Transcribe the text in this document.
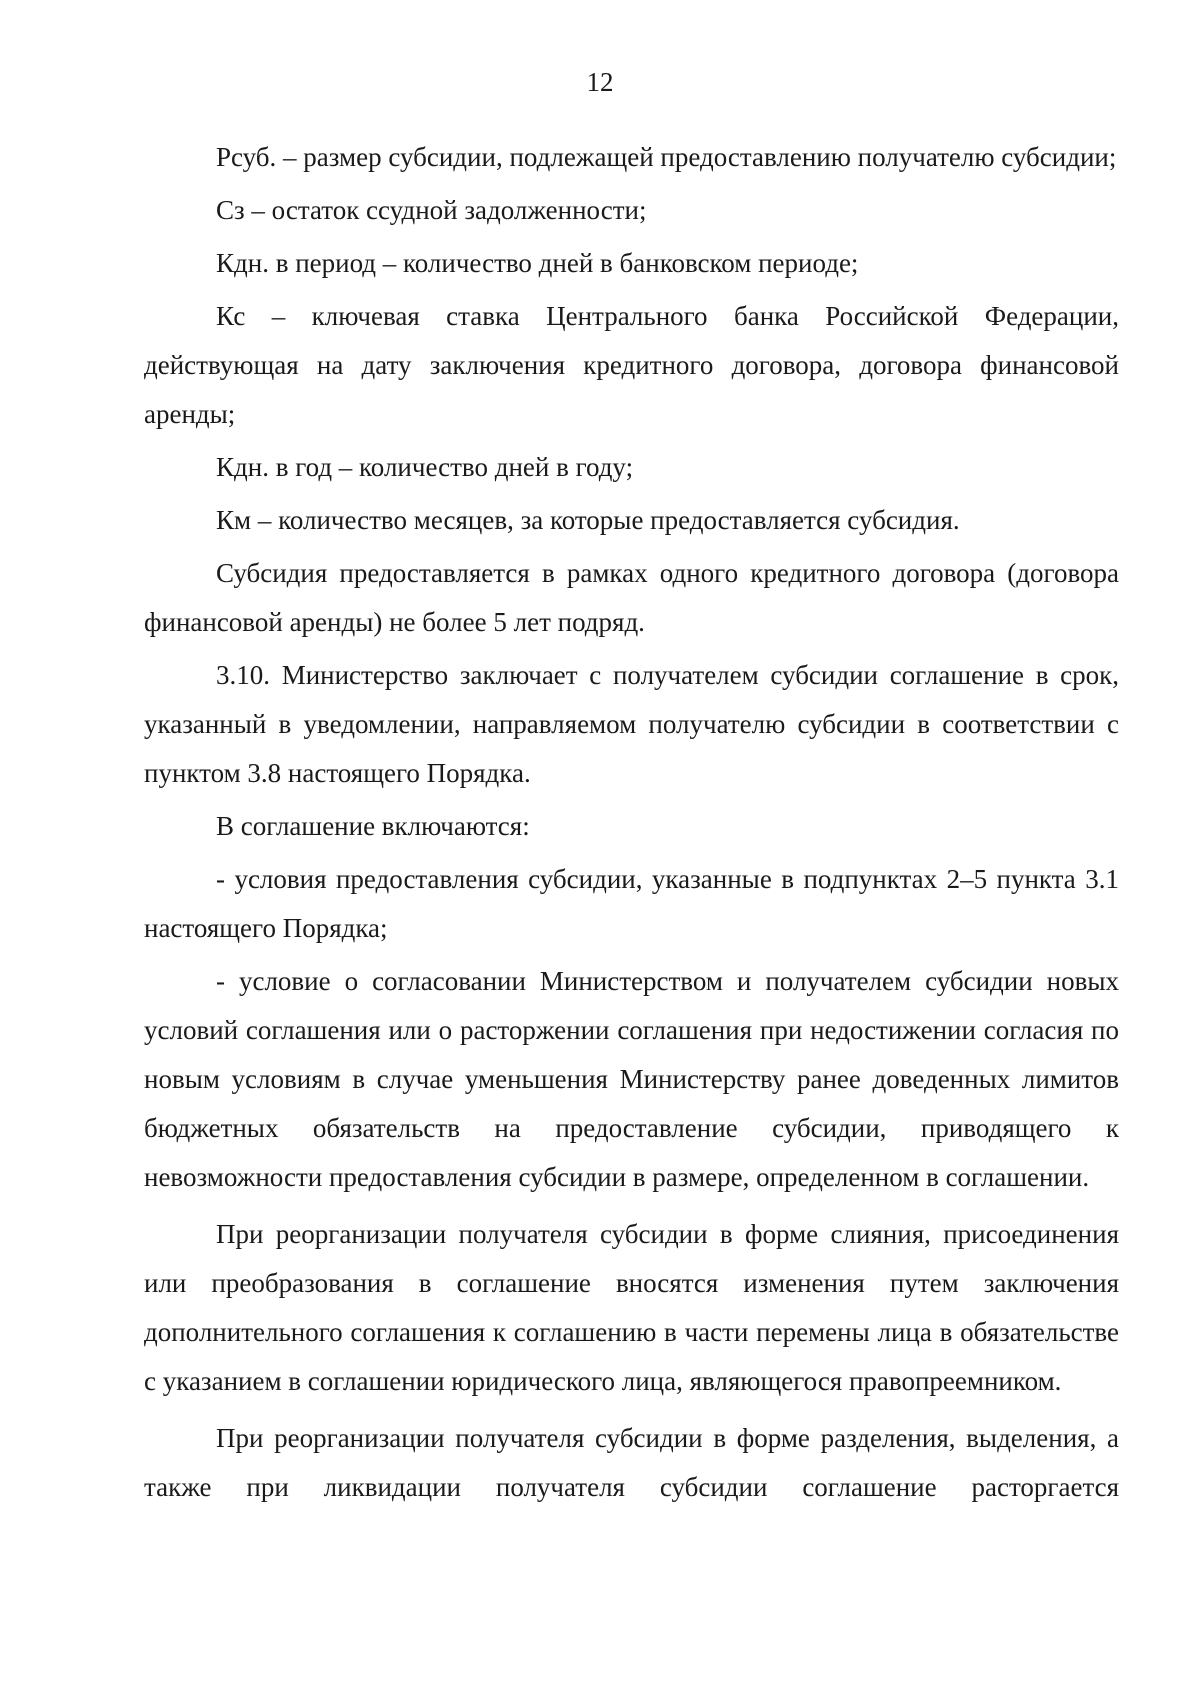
12

Рсуб. – размер субсидии, подлежащей предоставлению получателю субсидии;

Сз – остаток ссудной задолженности;

Кдн. в период – количество дней в банковском периоде;

Кс – ключевая ставка Центрального банка Российской Федерации, действующая на дату заключения кредитного договора, договора финансовой аренды;

Кдн. в год – количество дней в году;

Км – количество месяцев, за которые предоставляется субсидия.

Субсидия предоставляется в рамках одного кредитного договора (договора финансовой аренды) не более 5 лет подряд.

3.10. Министерство заключает с получателем субсидии соглашение в срок, указанный в уведомлении, направляемом получателю субсидии в соответствии с пунктом 3.8 настоящего Порядка.

В соглашение включаются:

- условия предоставления субсидии, указанные в подпунктах 2–5 пункта 3.1 настоящего Порядка;

- условие о согласовании Министерством и получателем субсидии новых условий соглашения или о расторжении соглашения при недостижении согласия по новым условиям в случае уменьшения Министерству ранее доведенных лимитов бюджетных обязательств на предоставление субсидии, приводящего к невозможности предоставления субсидии в размере, определенном в соглашении.

При реорганизации получателя субсидии в форме слияния, присоединения или преобразования в соглашение вносятся изменения путем заключения дополнительного соглашения к соглашению в части перемены лица в обязательстве с указанием в соглашении юридического лица, являющегося правопреемником.

При реорганизации получателя субсидии в форме разделения, выделения, а также при ликвидации получателя субсидии соглашение расторгается
